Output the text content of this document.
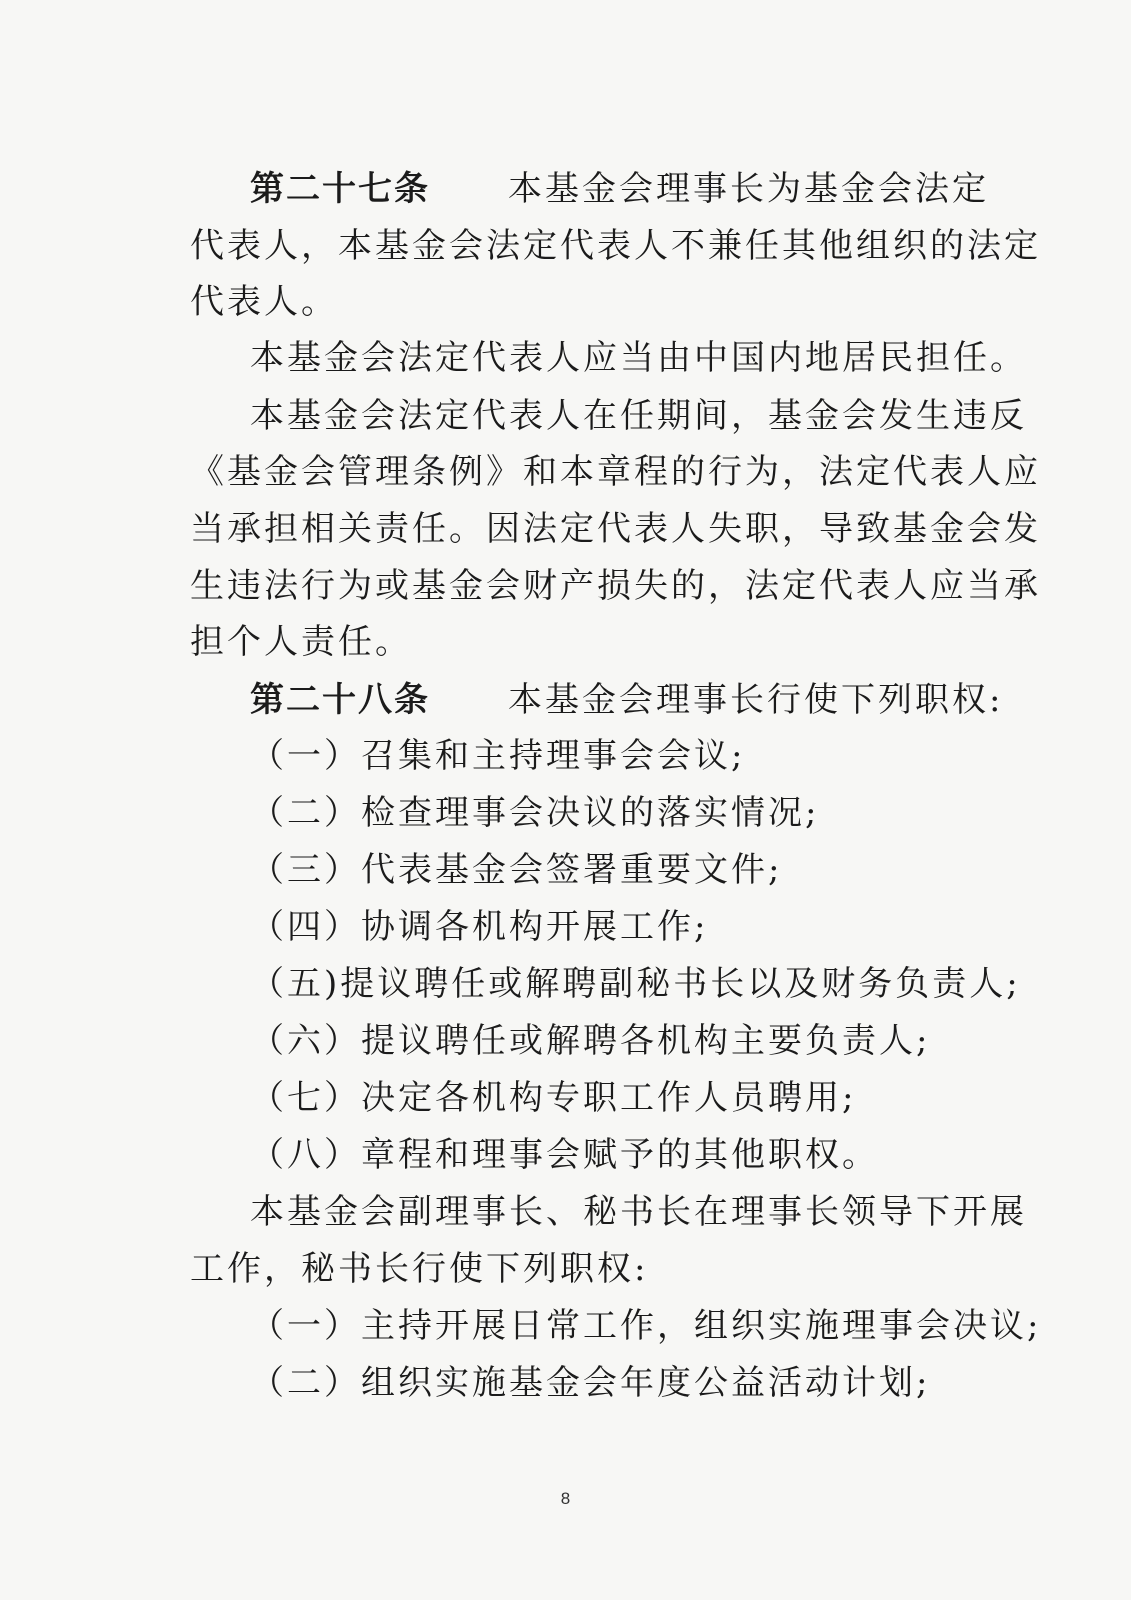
第二十七条 本基金会理事长为基金会法定
代表人，本基金会法定代表人不兼任其他组织的法定
代表人。
本基金会法定代表人应当由中国内地居民担任。
本基金会法定代表人在任期间，基金会发生违反
《基金会管理条例》和本章程的行为，法定代表人应
当承担相关责任。因法定代表人失职，导致基金会发
生违法行为或基金会财产损失的，法定代表人应当承
担个人责任。
第二十八条 本基金会理事长行使下列职权:
（一）召集和主持理事会会议;
（二）检查理事会决议的落实情况;
（三）代表基金会签署重要文件;
（四）协调各机构开展工作;
（五)提议聘任或解聘副秘书长以及财务负责人;
（六）提议聘任或解聘各机构主要负责人;
（七）决定各机构专职工作人员聘用;
（八）章程和理事会赋予的其他职权。
本基金会副理事长、秘书长在理事长领导下开展
工作，秘书长行使下列职权:
（一）主持开展日常工作，组织实施理事会决议;
（二）组织实施基金会年度公益活动计划;
8
